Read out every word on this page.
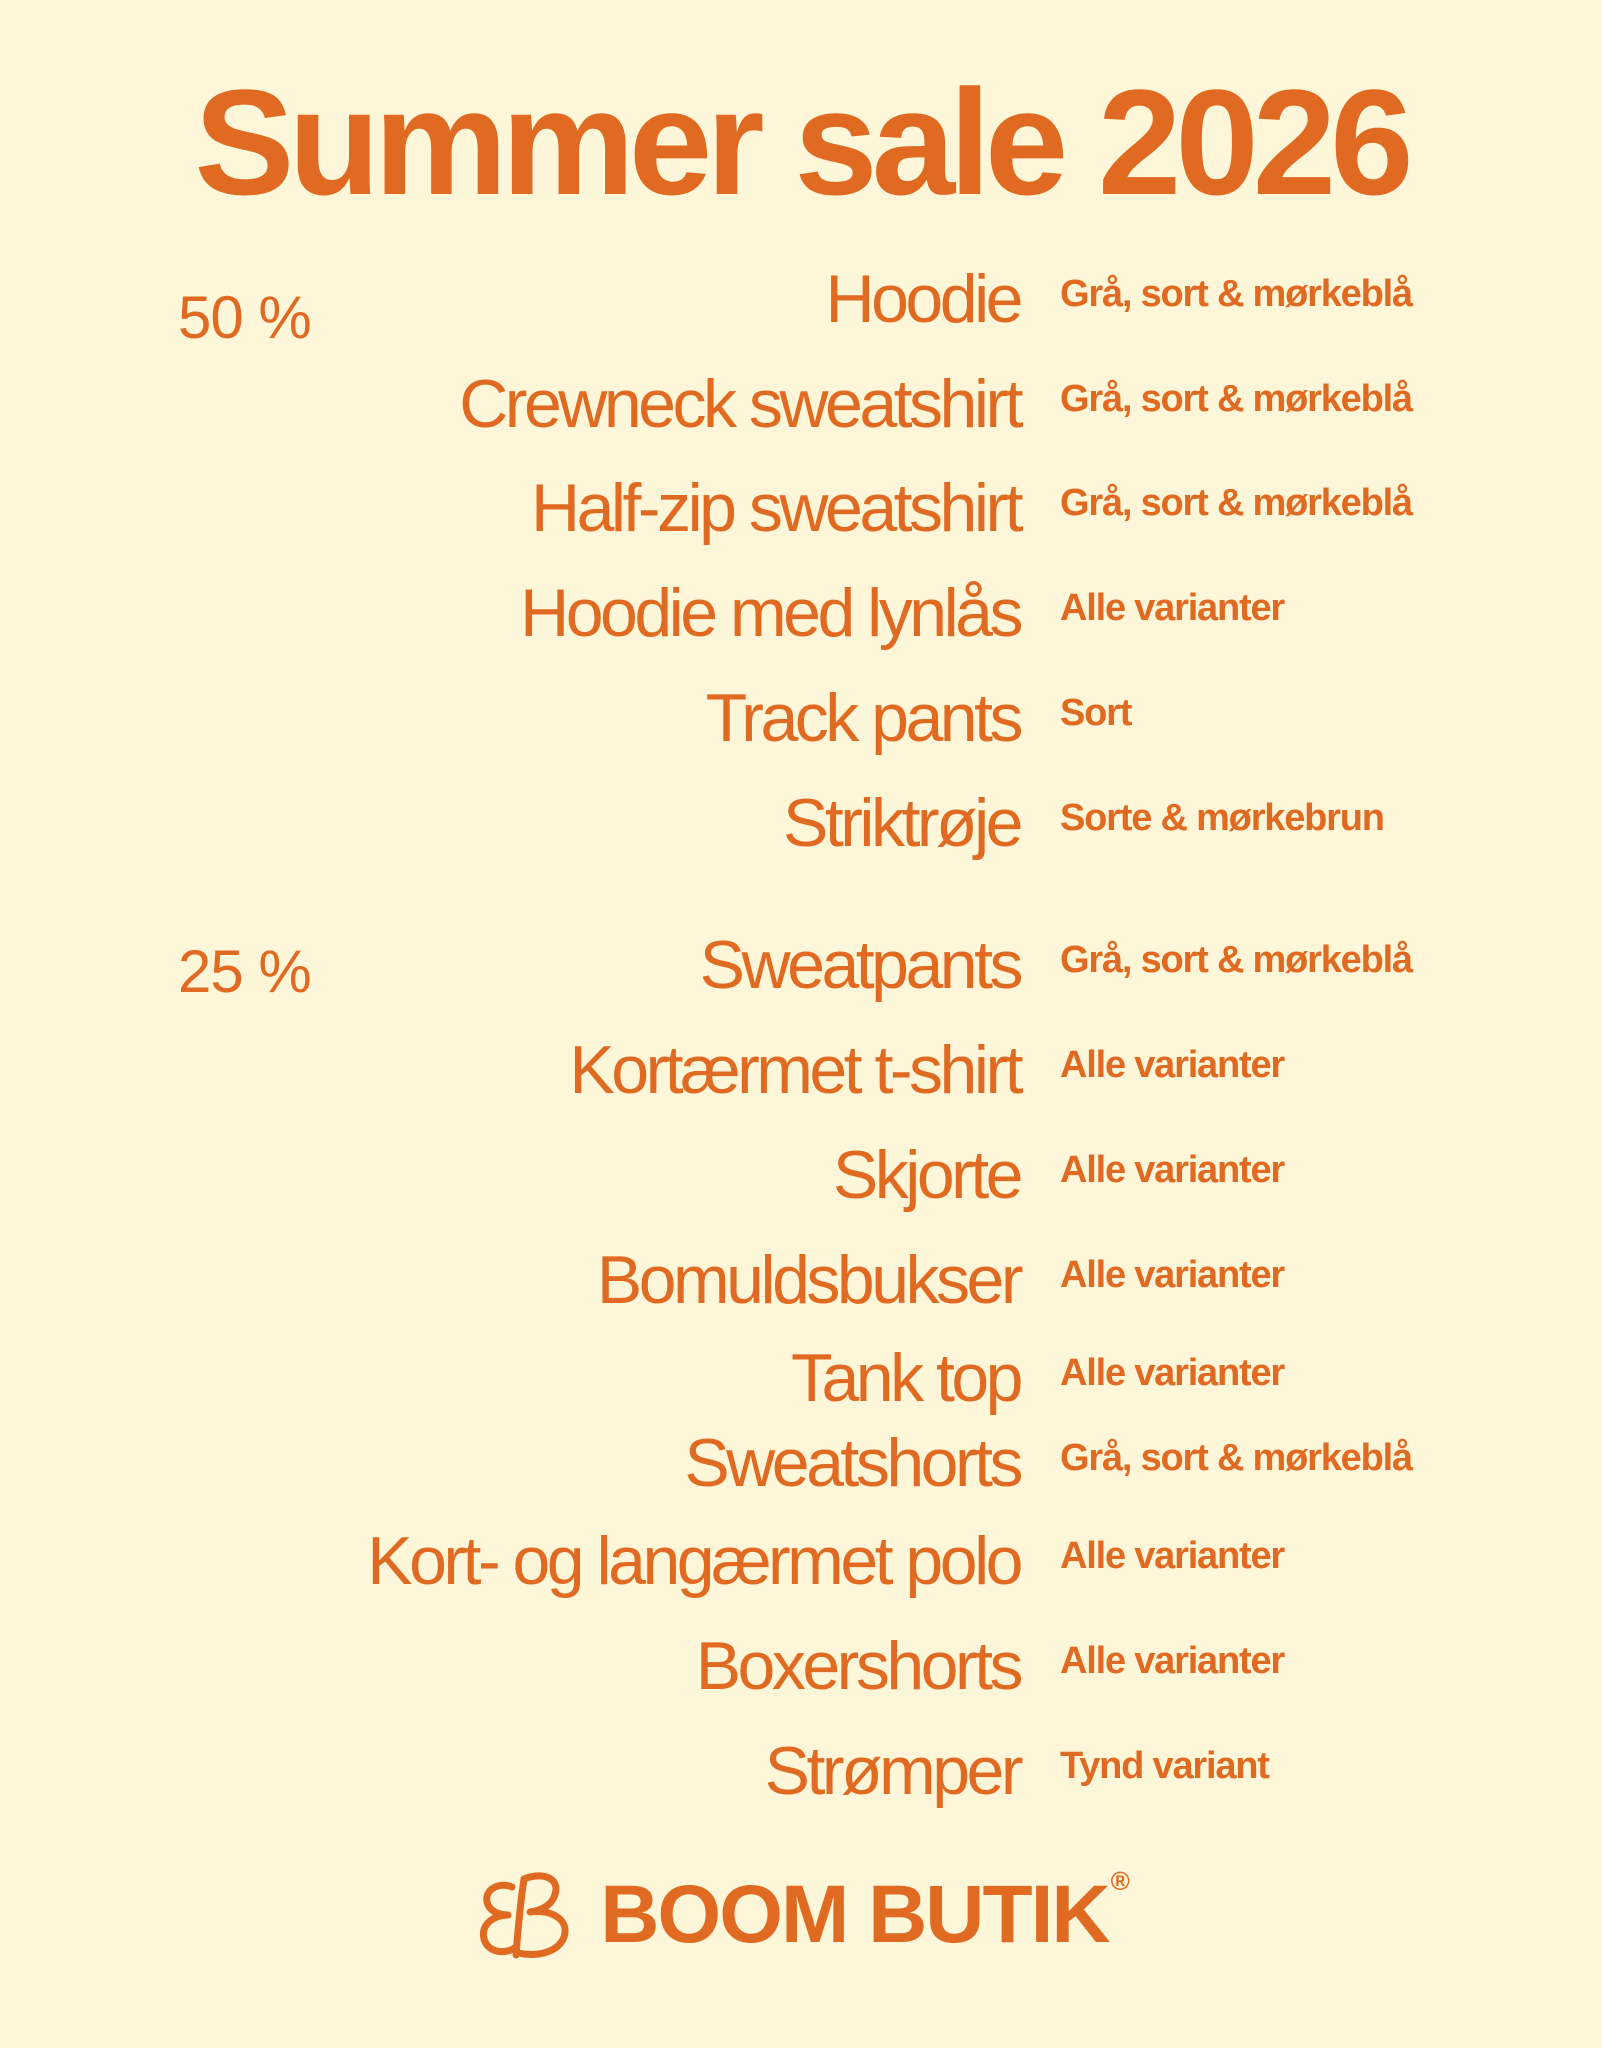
Summer sale 2026
50 %	Hoodie Grå, sort & mørkeblå
Crewneck sweatshirt Grå, sort & mørkeblå
Half-zip sweatshirt Grå, sort & mørkeblå
Hoodie med lynlås Alle varianter
Track pants Sort
Striktrøje Sorte & mørkebrun
25 %	Sweatpants Grå, sort & mørkeblå
Kortærmet t-shirt Alle varianter
Skjorte Alle varianter
Bomuldsbukser Alle varianter
Tank top Alle varianter
Sweatshorts Grå, sort & mørkeblå
Kort- og langærmet polo Alle varianter
Boxershorts Alle varianter
Strømper Tynd variant
BOOM BUTIK ®
